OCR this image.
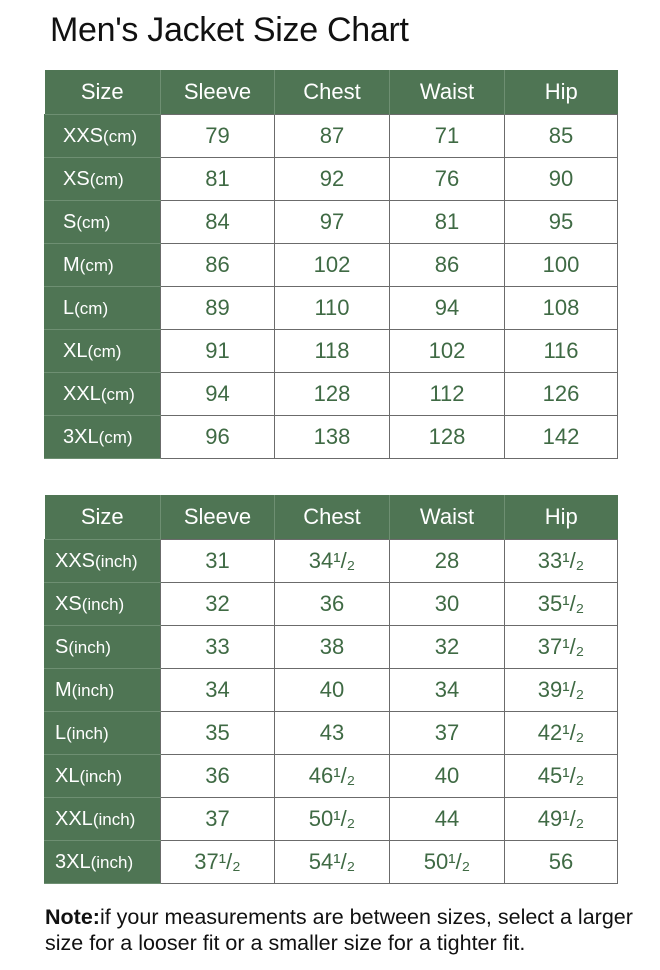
Men's Jacket Size Chart
Size	Sleeve	Chest	Waist	Hip
XXS(cm)	79	87	71	85
XS(cm)	81	92	76	90
S(cm)	84	97	81	95
M(cm)	86	102	86	100
L(cm)	89	110	94	108
XL(cm)	91	118	102	116
XXL(cm)	94	128	112	126
3XL(cm)	96	138	128	142
Size	Sleeve	Chest	Waist	Hip
XXS(inch)	31	34¹/₂	28	33¹/₂
XS(inch)	32	36	30	35¹/₂
S(inch)	33	38	32	37¹/₂
M(inch)	34	40	34	39¹/₂
L(inch)	35	43	37	42¹/₂
XL(inch)	36	46¹/₂	40	45¹/₂
XXL(inch)	37	50¹/₂	44	49¹/₂
3XL(inch)	37¹/₂	54¹/₂	50¹/₂	56
Note:if your measurements are between sizes, select a larger size for a looser fit or a smaller size for a tighter fit.
